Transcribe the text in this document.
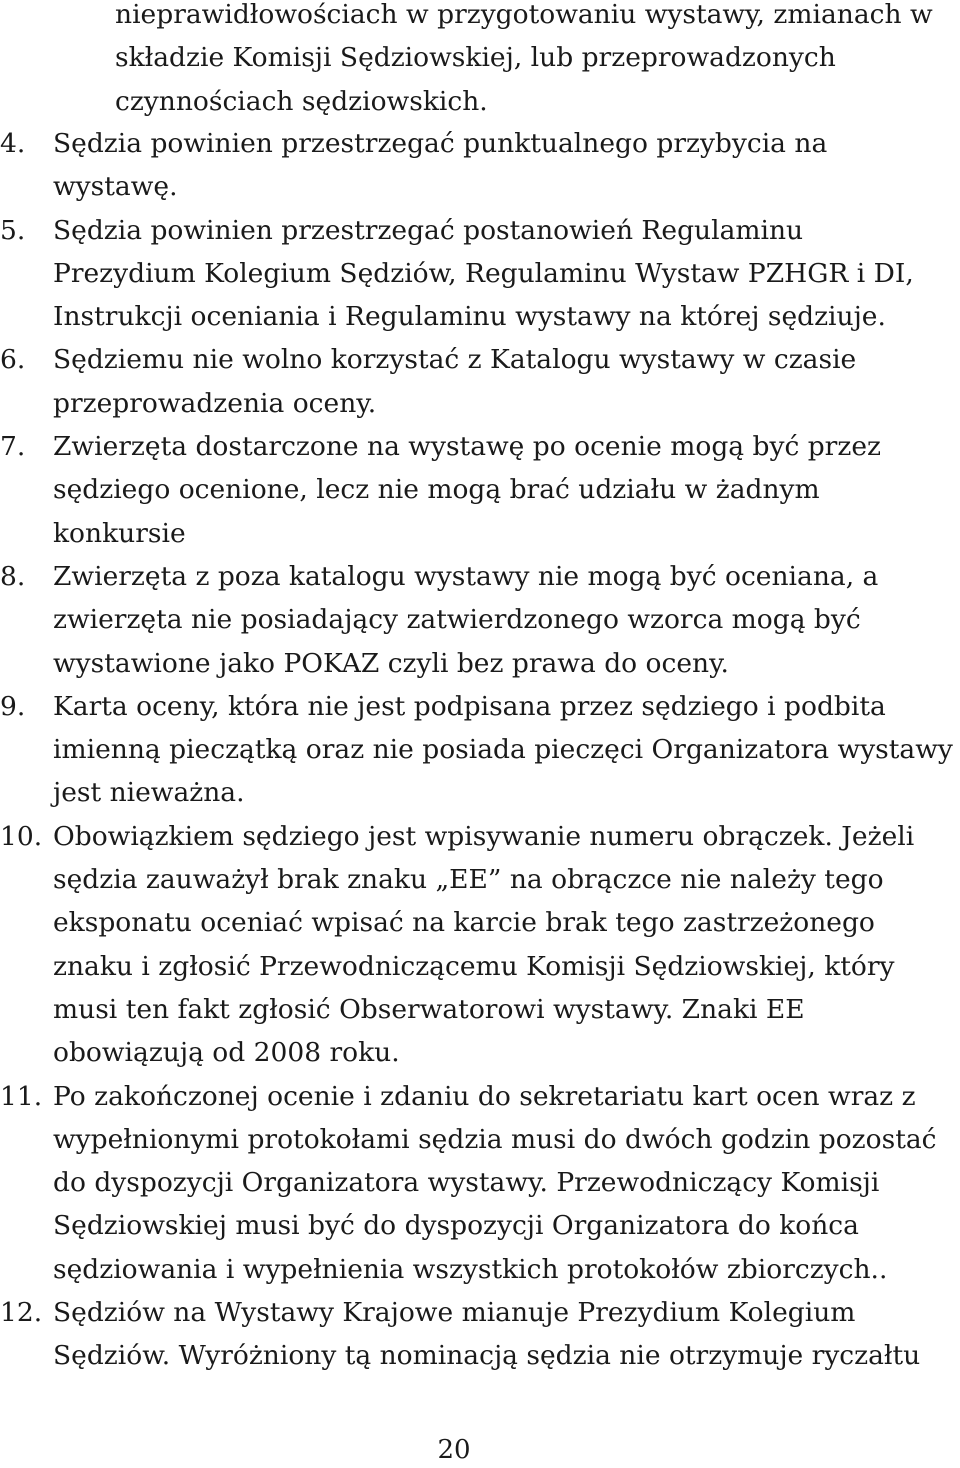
nieprawidłowościach w przygotowaniu wystawy, zmianach w składzie Komisji Sędziowskiej, lub przeprowadzonych czynnościach sędziowskich.

4.	Sędzia powinien przestrzegać punktualnego przybycia na wystawę.
5.	Sędzia powinien przestrzegać postanowień Regulaminu Prezydium Kolegium Sędziów, Regulaminu Wystaw PZHGR i DI, Instrukcji oceniania i Regulaminu wystawy na której sędziuje.
6.	Sędziemu nie wolno korzystać z Katalogu wystawy w czasie przeprowadzenia oceny.
7.	Zwierzęta dostarczone na wystawę po ocenie mogą być przez sędziego ocenione, lecz nie mogą brać udziału w żadnym konkursie
8.	Zwierzęta z poza katalogu wystawy nie mogą być oceniana, a zwierzęta nie posiadający zatwierdzonego wzorca mogą być wystawione jako POKAZ czyli bez prawa do oceny.
9.	Karta oceny, która nie jest podpisana przez sędziego i podbita imienną pieczątką oraz nie posiada pieczęci Organizatora wystawy jest nieważna.
10. Obowiązkiem sędziego jest wpisywanie numeru obrączek. Jeżeli sędzia zauważył brak znaku „EE” na obrączce nie należy tego eksponatu oceniać wpisać na karcie brak tego zastrzeżonego znaku i zgłosić Przewodniczącemu Komisji Sędziowskiej, który musi ten fakt zgłosić Obserwatorowi wystawy. Znaki EE obowiązują od 2008 roku.
11. Po zakończonej ocenie i zdaniu do sekretariatu kart ocen wraz z wypełnionymi protokołami sędzia musi do dwóch godzin pozostać do dyspozycji Organizatora wystawy. Przewodniczący Komisji Sędziowskiej musi być do dyspozycji Organizatora do końca sędziowania i wypełnienia wszystkich protokołów zbiorczych..
12. Sędziów na Wystawy Krajowe mianuje Prezydium Kolegium Sędziów. Wyróżniony tą nominacją sędzia nie otrzymuje ryczałtu
20
